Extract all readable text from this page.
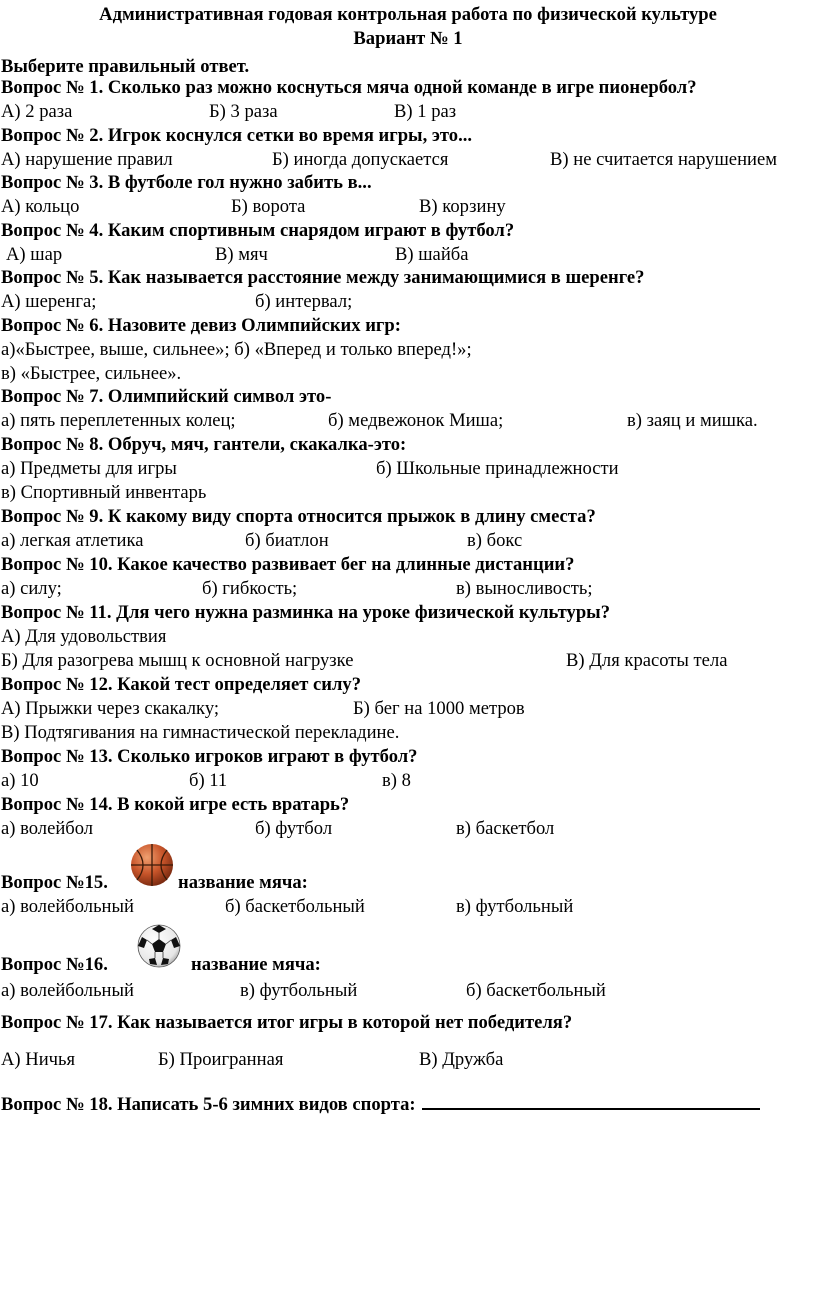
Административная годовая контрольная работа по физической культуре
Вариант № 1
Выберите правильный ответ.
Вопрос № 1. Сколько раз можно коснуться мяча одной команде в игре пионербол?
А) 2 раза	Б) 3 раза	В) 1 раз
Вопрос № 2. Игрок коснулся сетки во время игры, это...
А) нарушение правил	Б) иногда допускается	В) не считается нарушением
Вопрос № 3. В футболе гол нужно забить в...
А) кольцо	Б) ворота	В) корзину
Вопрос № 4. Каким спортивным снарядом играют в футбол?
А) шар	В) мяч	В) шайба
Вопрос № 5. Как называется расстояние между занимающимися в шеренге?
А) шеренга;	б) интервал;
Вопрос № 6. Назовите девиз Олимпийских игр:
а)«Быстрее, выше, сильнее»; б) «Вперед и только вперед!»;
в) «Быстрее, сильнее».
Вопрос № 7. Олимпийский символ это-
а) пять переплетенных колец;	б) медвежонок Миша;	в) заяц и мишка.
Вопрос № 8. Обруч, мяч, гантели, скакалка-это:
а) Предметы для игры	б) Школьные принадлежности
в) Спортивный инвентарь
Вопрос № 9. К какому виду спорта относится прыжок в длину сместа?
а) легкая атлетика	б) биатлон	в) бокс
Вопрос № 10. Какое качество развивает бег на длинные дистанции?
а) силу;	б) гибкость;	в) выносливость;
Вопрос № 11. Для чего нужна разминка на уроке физической культуры?
А) Для удовольствия
Б) Для разогрева мышц к основной нагрузке	В) Для красоты тела
Вопрос № 12. Какой тест определяет силу?
А) Прыжки через скакалку;	Б) бег на 1000 метров
В) Подтягивания на гимнастической перекладине.
Вопрос № 13. Сколько игроков играют в футбол?
а) 10	б) 11	в) 8
Вопрос № 14. В кокой игре есть вратарь?
а) волейбол	б) футбол	в) баскетбол
Вопрос №15.	название мяча:
а) волейбольный	б) баскетбольный	в) футбольный
Вопрос №16.	название мяча:
а) волейбольный	в) футбольный	б) баскетбольный
Вопрос № 17. Как называется итог игры в которой нет победителя?
А) Ничья	Б) Проигранная	В) Дружба
Вопрос № 18. Написать 5-6 зимних видов спорта:
